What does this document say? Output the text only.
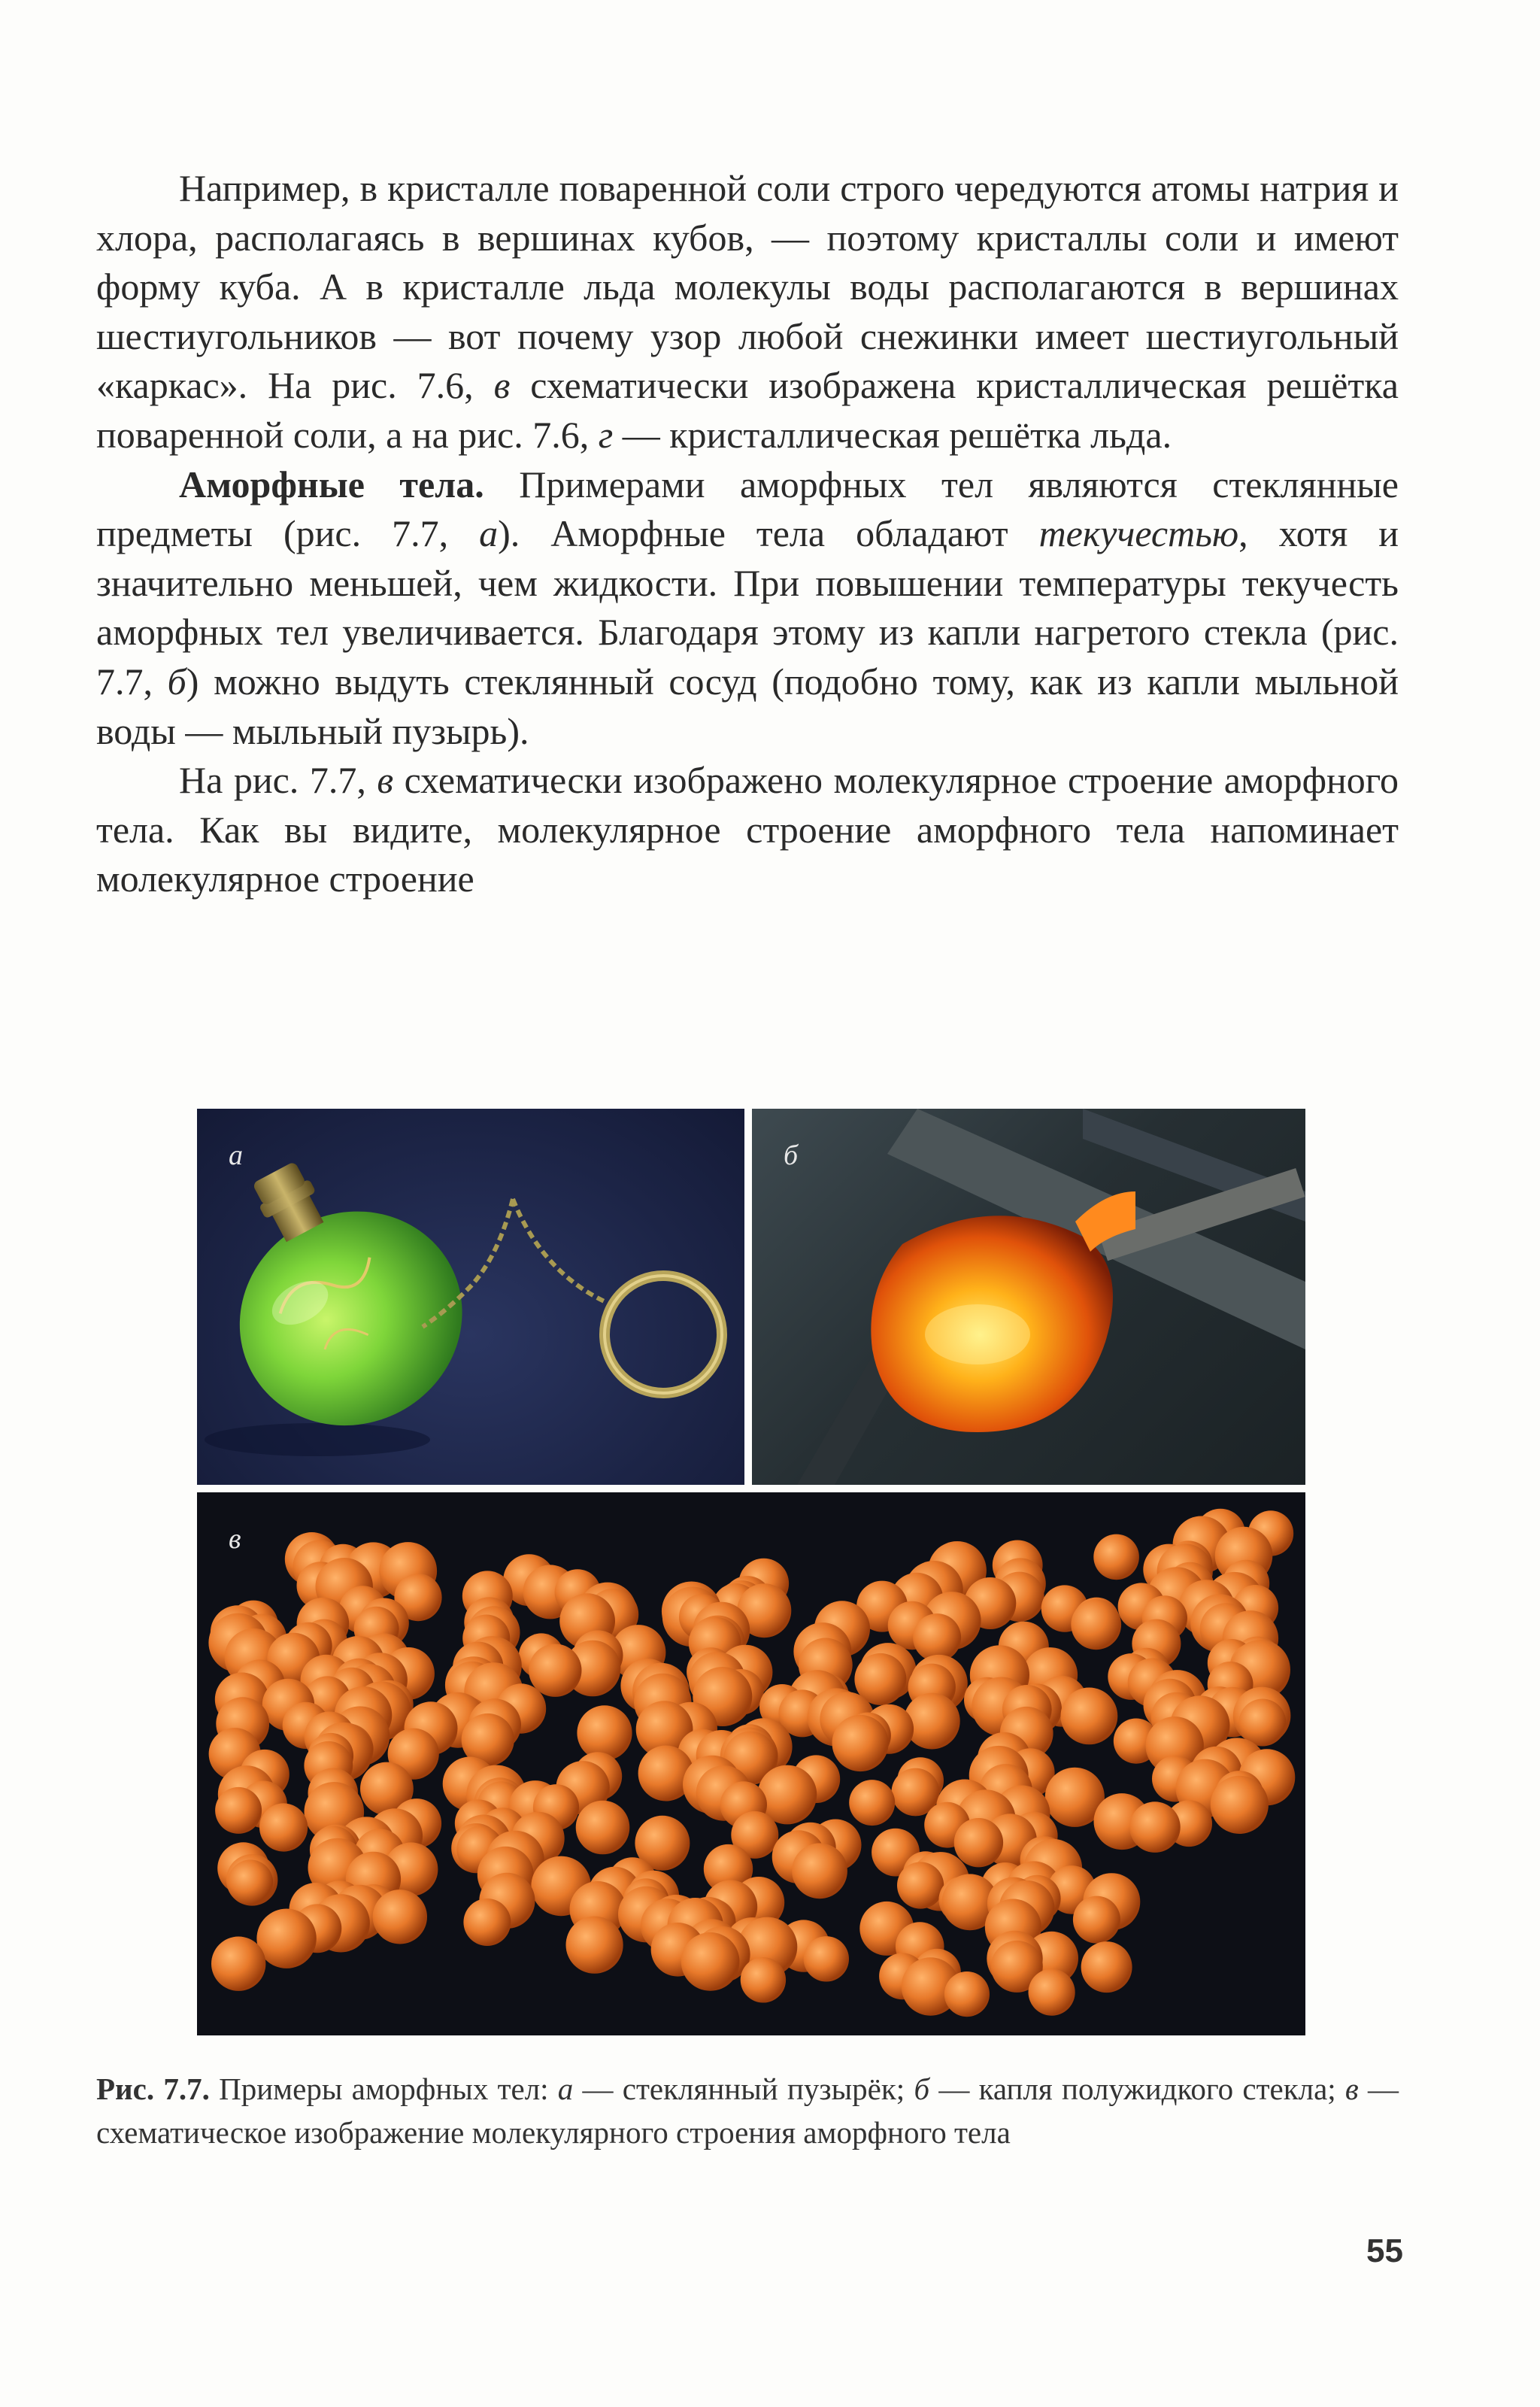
Например, в кристалле поваренной соли строго чередуются атомы натрия и хлора, располагаясь в вершинах кубов, — поэтому кристаллы соли и имеют форму куба. А в кристалле льда молекулы воды располагаются в вершинах шестиугольников — вот почему узор любой снежинки имеет шестиугольный «каркас». На рис. 7.6, в схематически изображена кристаллическая решётка поваренной соли, а на рис. 7.6, г — кристаллическая решётка льда.

Аморфные тела. Примерами аморфных тел являются стеклянные предметы (рис. 7.7, а). Аморфные тела обладают текучестью, хотя и значительно меньшей, чем жидкости. При повышении температуры текучесть аморфных тел увеличивается. Благодаря этому из капли нагретого стекла (рис. 7.7, б) можно выдуть стеклянный сосуд (подобно тому, как из капли мыльной воды — мыльный пузырь).

На рис. 7.7, в схематически изображено молекулярное строение аморфного тела. Как вы видите, молекулярное строение аморфного тела напоминает молекулярное строение

а	б
в
Рис. 7.7. Примеры аморфных тел: а — стеклянный пузырёк; б — капля полужидкого стекла; в — схематическое изображение молекулярного строения аморфного тела
55
